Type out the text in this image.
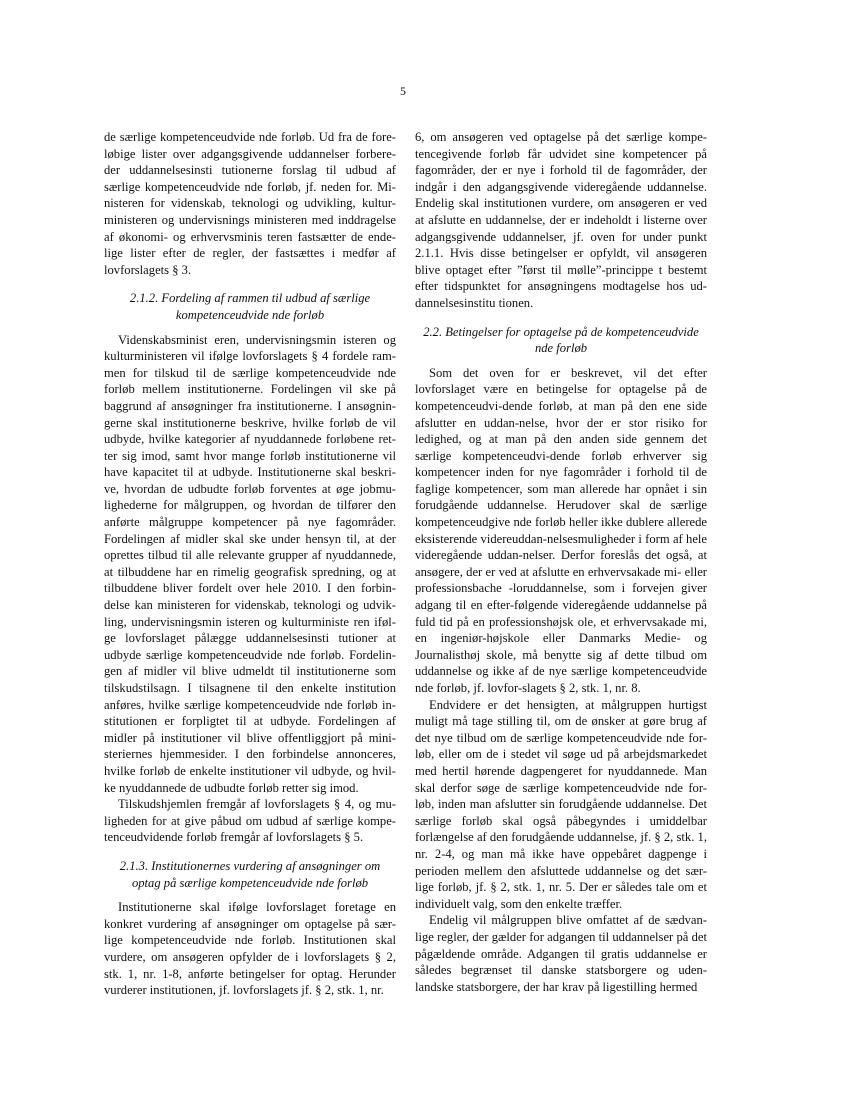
5

de særlige kompetenceudvide nde forløb. Ud fra de fore-løbige lister over adgangsgivende uddannelser forbere-der uddannelsesinsti tutionerne forslag til udbud af særlige kompetenceudvide nde forløb, jf. neden for. Mi-nisteren for videnskab, teknologi og udvikling, kultur-ministeren og undervisnings ministeren med inddragelse af økonomi- og erhvervsminis teren fastsætter de ende-lige lister efter de regler, der fastsættes i medfør af lovforslagets § 3.

2.1.2. Fordeling af rammen til udbud af særlige kompetenceudvide nde forløb

Videnskabsminist eren, undervisningsmin isteren og kulturministeren vil ifølge lovforslagets § 4 fordele ram-men for tilskud til de særlige kompetenceudvide nde forløb mellem institutionerne. Fordelingen vil ske på baggrund af ansøgninger fra institutionerne. I ansøgnin-gerne skal institutionerne beskrive, hvilke forløb de vil udbyde, hvilke kategorier af nyuddannede forløbene ret-ter sig imod, samt hvor mange forløb institutionerne vil have kapacitet til at udbyde. Institutionerne skal beskri-ve, hvordan de udbudte forløb forventes at øge jobmu-lighederne for målgruppen, og hvordan de tilfører den anførte målgruppe kompetencer på nye fagområder. Fordelingen af midler skal ske under hensyn til, at der oprettes tilbud til alle relevante grupper af nyuddannede, at tilbuddene har en rimelig geografisk spredning, og at tilbuddene bliver fordelt over hele 2010. I den forbin-delse kan ministeren for videnskab, teknologi og udvik-ling, undervisningsmin isteren og kulturministe ren iføl-ge lovforslaget pålægge uddannelsesinsti tutioner at udbyde særlige kompetenceudvide nde forløb. Fordelin-gen af midler vil blive udmeldt til institutionerne som tilskudstilsagn. I tilsagnene til den enkelte institution anføres, hvilke særlige kompetenceudvide nde forløb in-stitutionen er forpligtet til at udbyde. Fordelingen af midler på institutioner vil blive offentliggjort på mini-steriernes hjemmesider. I den forbindelse annonceres, hvilke forløb de enkelte institutioner vil udbyde, og hvil-ke nyuddannede de udbudte forløb retter sig imod.

Tilskudshjemlen fremgår af lovforslagets § 4, og mu-ligheden for at give påbud om udbud af særlige kompe-tenceudvidende forløb fremgår af lovforslagets § 5.

2.1.3. Institutionernes vurdering af ansøgninger om optag på særlige kompetenceudvide nde forløb

Institutionerne skal ifølge lovforslaget foretage en konkret vurdering af ansøgninger om optagelse på sær-lige kompetenceudvide nde forløb. Institutionen skal vurdere, om ansøgeren opfylder de i lovforslagets § 2, stk. 1, nr. 1-8, anførte betingelser for optag. Herunder vurderer institutionen, jf. lovforslagets jf. § 2, stk. 1, nr.

6, om ansøgeren ved optagelse på det særlige kompe-tencegivende forløb får udvidet sine kompetencer på fagområder, der er nye i forhold til de fagområder, der indgår i den adgangsgivende videregående uddannelse. Endelig skal institutionen vurdere, om ansøgeren er ved at afslutte en uddannelse, der er indeholdt i listerne over adgangsgivende uddannelser, jf. oven for under punkt 2.1.1. Hvis disse betingelser er opfyldt, vil ansøgeren blive optaget efter ”først til mølle”-princippe t bestemt efter tidspunktet for ansøgningens modtagelse hos ud-dannelsesinstitu tionen.

2.2. Betingelser for optagelse på de kompetenceudvide nde forløb

Som det oven for er beskrevet, vil det efter lovforslaget være en betingelse for optagelse på de kompetenceudvi-dende forløb, at man på den ene side afslutter en uddan-nelse, hvor der er stor risiko for ledighed, og at man på den anden side gennem det særlige kompetenceudvi-dende forløb erhverver sig kompetencer inden for nye fagområder i forhold til de faglige kompetencer, som man allerede har opnået i sin forudgående uddannelse. Herudover skal de særlige kompetenceudgive nde forløb heller ikke dublere allerede eksisterende videreuddan-nelsesmuligheder i form af hele videregående uddan-nelser. Derfor foreslås det også, at ansøgere, der er ved at afslutte en erhvervsakade mi- eller professionsbache -loruddannelse, som i forvejen giver adgang til en efter-følgende videregående uddannelse på fuld tid på en professionshøjsk ole, et erhvervsakade mi, en ingeniør-højskole eller Danmarks Medie- og Journalisthøj skole, må benytte sig af dette tilbud om uddannelse og ikke af de nye særlige kompetenceudvide nde forløb, jf. lovfor-slagets § 2, stk. 1, nr. 8.

Endvidere er det hensigten, at målgruppen hurtigst muligt må tage stilling til, om de ønsker at gøre brug af det nye tilbud om de særlige kompetenceudvide nde for-løb, eller om de i stedet vil søge ud på arbejdsmarkedet med hertil hørende dagpengeret for nyuddannede. Man skal derfor søge de særlige kompetenceudvide nde for-løb, inden man afslutter sin forudgående uddannelse. Det særlige forløb skal også påbegyndes i umiddelbar forlængelse af den forudgående uddannelse, jf. § 2, stk. 1, nr. 2-4, og man må ikke have oppebåret dagpenge i perioden mellem den afsluttede uddannelse og det sær-lige forløb, jf. § 2, stk. 1, nr. 5. Der er således tale om et individuelt valg, som den enkelte træffer.

Endelig vil målgruppen blive omfattet af de sædvan-lige regler, der gælder for adgangen til uddannelser på det pågældende område. Adgangen til gratis uddannelse er således begrænset til danske statsborgere og uden-landske statsborgere, der har krav på ligestilling hermed
